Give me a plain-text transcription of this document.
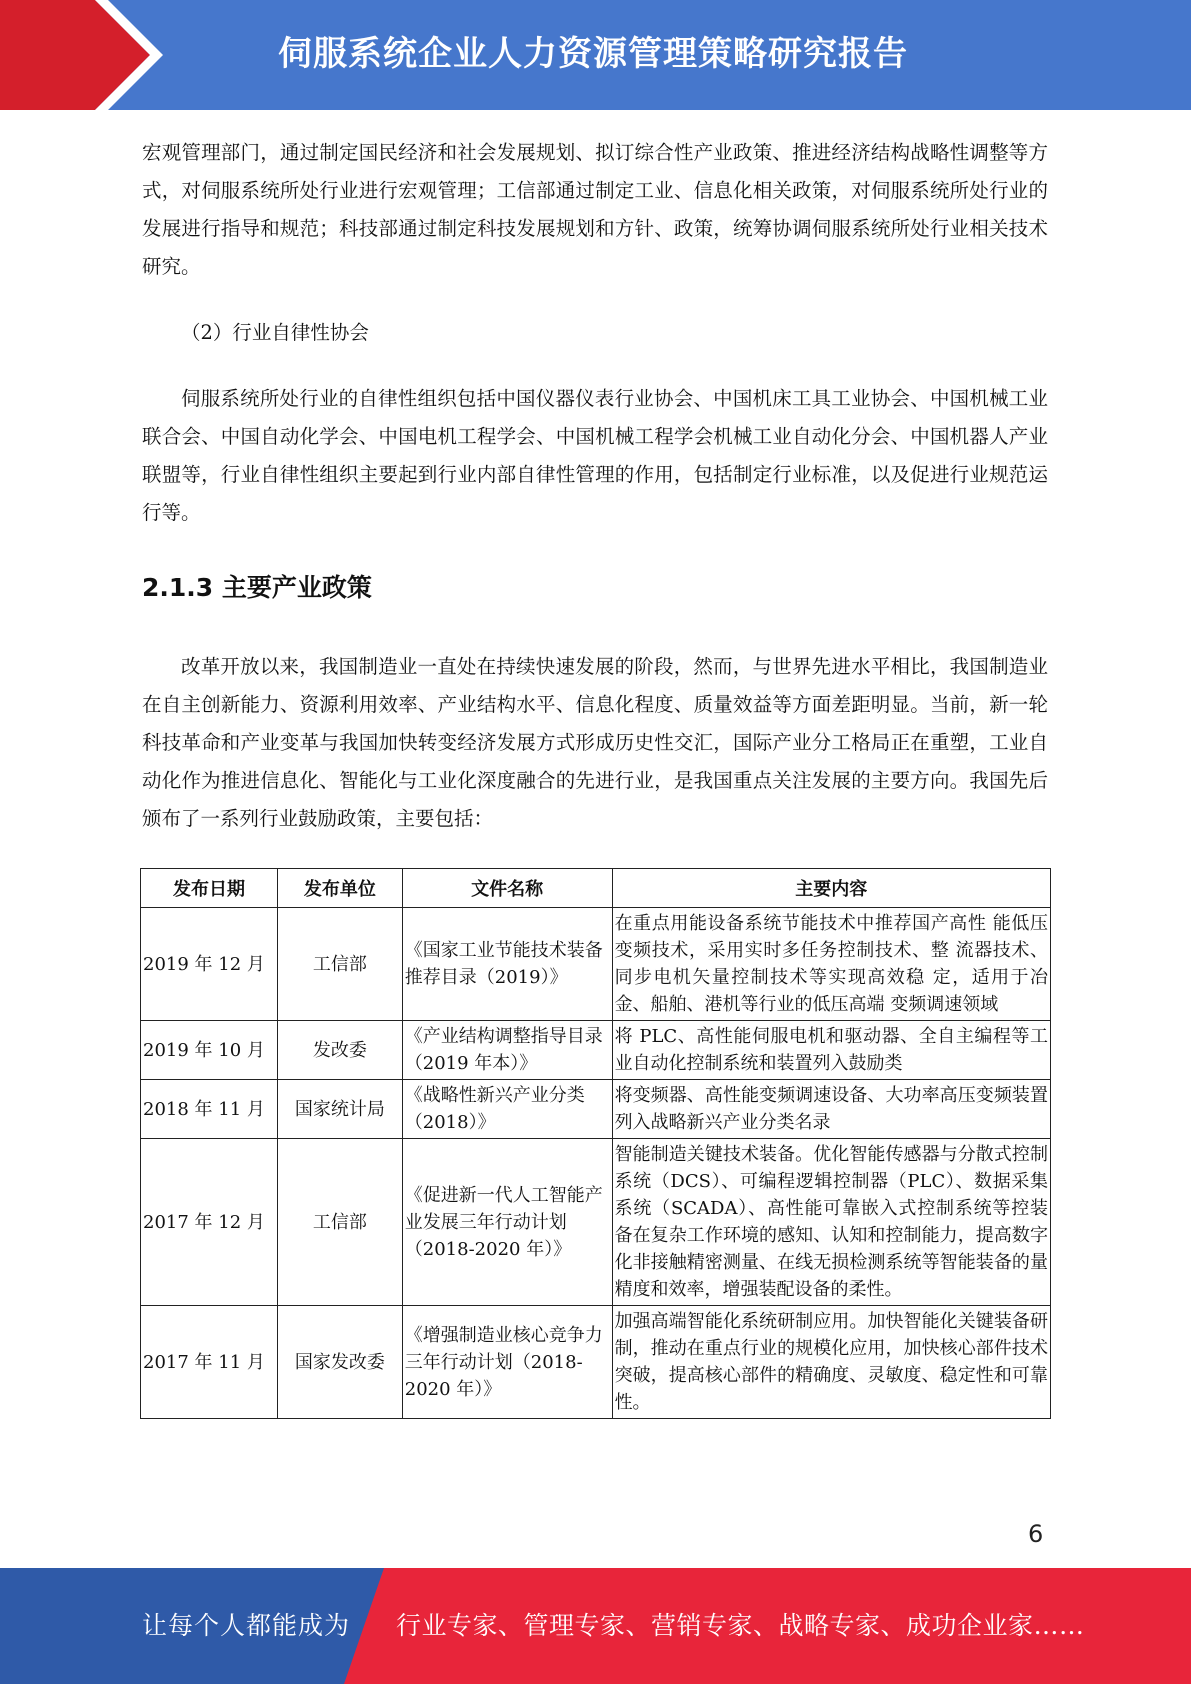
伺服系统企业人力资源管理策略研究报告

宏观管理部门，通过制定国民经济和社会发展规划、拟订综合性产业政策、推进经济结构战略性调整等方式，对伺服系统所处行业进行宏观管理；工信部通过制定工业、信息化相关政策，对伺服系统所处行业的发展进行指导和规范；科技部通过制定科技发展规划和方针、政策，统筹协调伺服系统所处行业相关技术研究。

（2）行业自律性协会

伺服系统所处行业的自律性组织包括中国仪器仪表行业协会、中国机床工具工业协会、中国机械工业联合会、中国自动化学会、中国电机工程学会、中国机械工程学会机械工业自动化分会、中国机器人产业联盟等，行业自律性组织主要起到行业内部自律性管理的作用，包括制定行业标准，以及促进行业规范运行等。

2.1.3 主要产业政策

改革开放以来，我国制造业一直处在持续快速发展的阶段，然而，与世界先进水平相比，我国制造业在自主创新能力、资源利用效率、产业结构水平、信息化程度、质量效益等方面差距明显。当前，新一轮科技革命和产业变革与我国加快转变经济发展方式形成历史性交汇，国际产业分工格局正在重塑，工业自动化作为推进信息化、智能化与工业化深度融合的先进行业，是我国重点关注发展的主要方向。我国先后颁布了一系列行业鼓励政策，主要包括：

发布日期	发布单位	文件名称	主要内容
2019 年 12 月	工信部	《国家工业节能技术装备推荐目录（2019）》	在重点用能设备系统节能技术中推荐国产高性 能低压变频技术，采用实时多任务控制技术、整 流器技术、同步电机矢量控制技术等实现高效稳 定，适用于冶金、船舶、港机等行业的低压高端 变频调速领域
2019 年 10 月	发改委	《产业结构调整指导目录（2019 年本）》	将 PLC、高性能伺服电机和驱动器、全自主编程等工业自动化控制系统和装置列入鼓励类
2018 年 11 月	国家统计局	《战略性新兴产业分类（2018）》	将变频器、高性能变频调速设备、大功率高压变频装置列入战略新兴产业分类名录
2017 年 12 月	工信部	《促进新一代人工智能产业发展三年行动计划（2018-2020 年）》	智能制造关键技术装备。优化智能传感器与分散式控制系统（DCS）、可编程逻辑控制器（PLC）、数据采集系统（SCADA）、高性能可靠嵌入式控制系统等控装备在复杂工作环境的感知、认知和控制能力，提高数字化非接触精密测量、在线无损检测系统等智能装备的量精度和效率，增强装配设备的柔性。
2017 年 11 月	国家发改委	《增强制造业核心竞争力三年行动计划（2018-2020 年）》	加强高端智能化系统研制应用。加快智能化关键装备研制，推动在重点行业的规模化应用，加快核心部件技术突破，提高核心部件的精确度、灵敏度、稳定性和可靠性。
6
让每个人都能成为 行业专家、管理专家、营销专家、战略专家、成功企业家……
